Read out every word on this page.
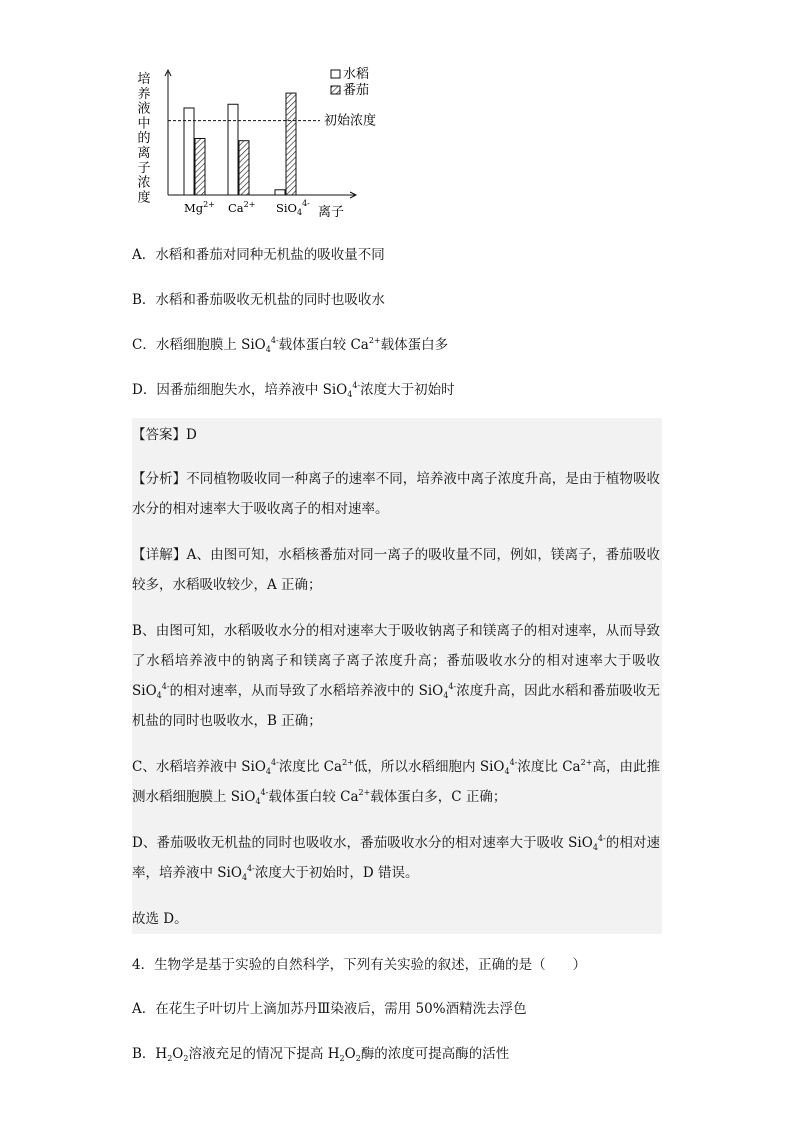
培
养
液
中
的
离
子
浓
度
离子
$Mg^{2+}$ $Ca^{2+}$ SiO$_4^{4-}$
水稻
番茄
初始浓度
A．水稻和番茄对同种无机盐的吸收量不同
B．水稻和番茄吸收无机盐的同时也吸收水
C．水稻细胞膜上 SiO$_4^{4-}$载体蛋白较 $Ca^{2+}$载体蛋白多
D．因番茄细胞失水，培养液中 SiO$_4^{4-}$浓度大于初始时
【答案】D
【分析】不同植物吸收同一种离子的速率不同，培养液中离子浓度升高，是由于植物吸收水分的相对速率大于吸收离子的相对速率。
【详解】A、由图可知，水稻核番茄对同一离子的吸收量不同，例如，镁离子，番茄吸收较多，水稻吸收较少，A 正确；
B、由图可知，水稻吸收水分的相对速率大于吸收钠离子和镁离子的相对速率，从而导致了水稻培养液中的钠离子和镁离子离子浓度升高；番茄吸收水分的相对速率大于吸收SiO$_4^{4-}$的相对速率，从而导致了水稻培养液中的 SiO$_4^{4-}$浓度升高，因此水稻和番茄吸收无机盐的同时也吸收水，B 正确；
C、水稻培养液中 SiO$_4^{4-}$浓度比 $Ca^{2+}$低，所以水稻细胞内 SiO$_4^{4-}$浓度比 $Ca^{2+}$高，由此推测水稻细胞膜上 SiO$_4^{4-}$载体蛋白较 $Ca^{2+}$载体蛋白多，C 正确；
D、番茄吸收无机盐的同时也吸收水，番茄吸收水分的相对速率大于吸收 SiO$_4^{4-}$的相对速率，培养液中 SiO$_4^{4-}$浓度大于初始时，D 错误。
故选 D。
4．生物学是基于实验的自然科学，下列有关实验的叙述，正确的是（　　）
A．在花生子叶切片上滴加苏丹Ⅲ染液后，需用 50%酒精洗去浮色
B．$H_2O_2$溶液充足的情况下提高 $H_2O_2$酶的浓度可提高酶的活性
